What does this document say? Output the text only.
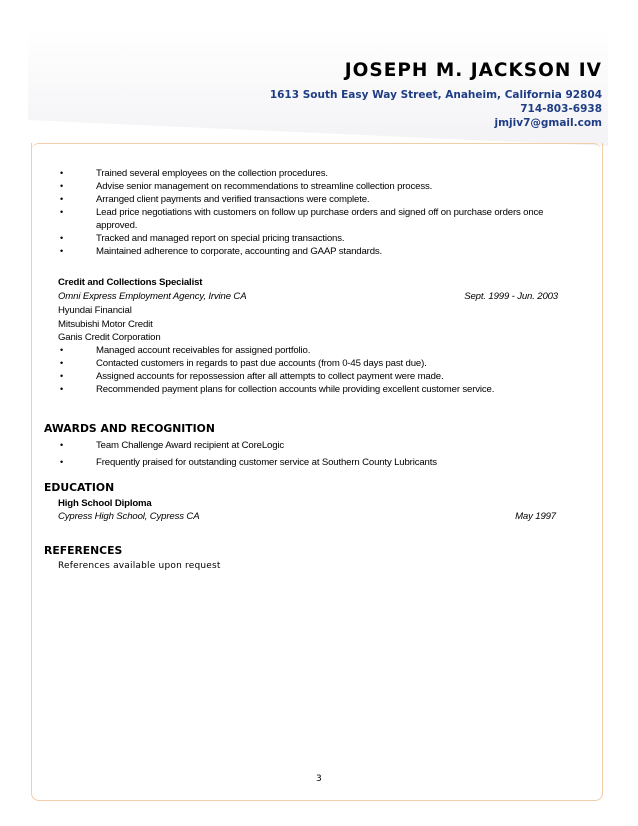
JOSEPH M. JACKSON IV
1613 South Easy Way Street, Anaheim, California 92804
714-803-6938
jmjiv7@gmail.com
•	Trained several employees on the collection procedures.
•	Advise senior management on recommendations to streamline collection process.
•	Arranged client payments and verified transactions were complete.
•	Lead price negotiations with customers on follow up purchase orders and signed off on purchase orders once approved.
•	Tracked and managed report on special pricing transactions.
•	Maintained adherence to corporate, accounting and GAAP standards.
Credit and Collections Specialist
Omni Express Employment Agency, Irvine CA	Sept. 1999 - Jun. 2003
Hyundai Financial
Mitsubishi Motor Credit
Ganis Credit Corporation
•	Managed account receivables for assigned portfolio.
•	Contacted customers in regards to past due accounts (from 0-45 days past due).
•	Assigned accounts for repossession after all attempts to collect payment were made.
•	Recommended payment plans for collection accounts while providing excellent customer service.
AWARDS AND RECOGNITION
•	Team Challenge Award recipient at CoreLogic
•	Frequently praised for outstanding customer service at Southern County Lubricants
EDUCATION
High School Diploma
Cypress High School, Cypress CA	May 1997
REFERENCES
References available upon request
3
